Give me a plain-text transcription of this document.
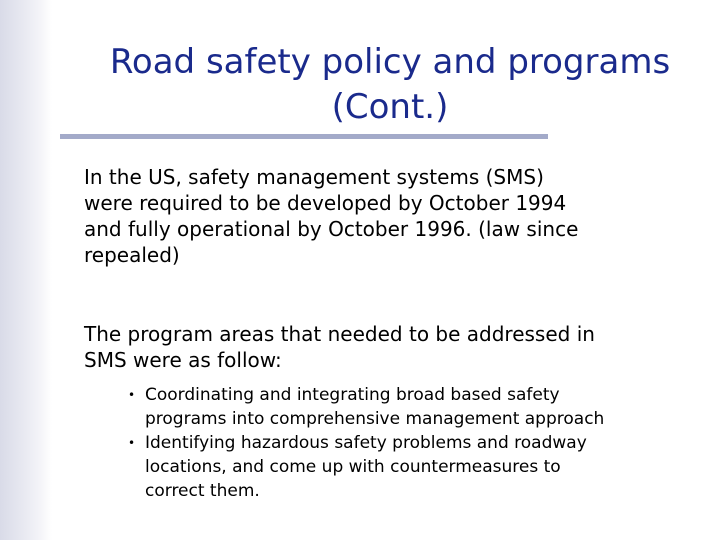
Road safety policy and programs
(Cont.)

In the US, safety management systems (SMS)
were required to be developed by October 1994
and fully operational by October 1996. (law since
repealed)

The program areas that needed to be addressed in
SMS were as follow:

• Coordinating and integrating broad based safety
programs into comprehensive management approach
• Identifying hazardous safety problems and roadway
locations, and come up with countermeasures to
correct them.
